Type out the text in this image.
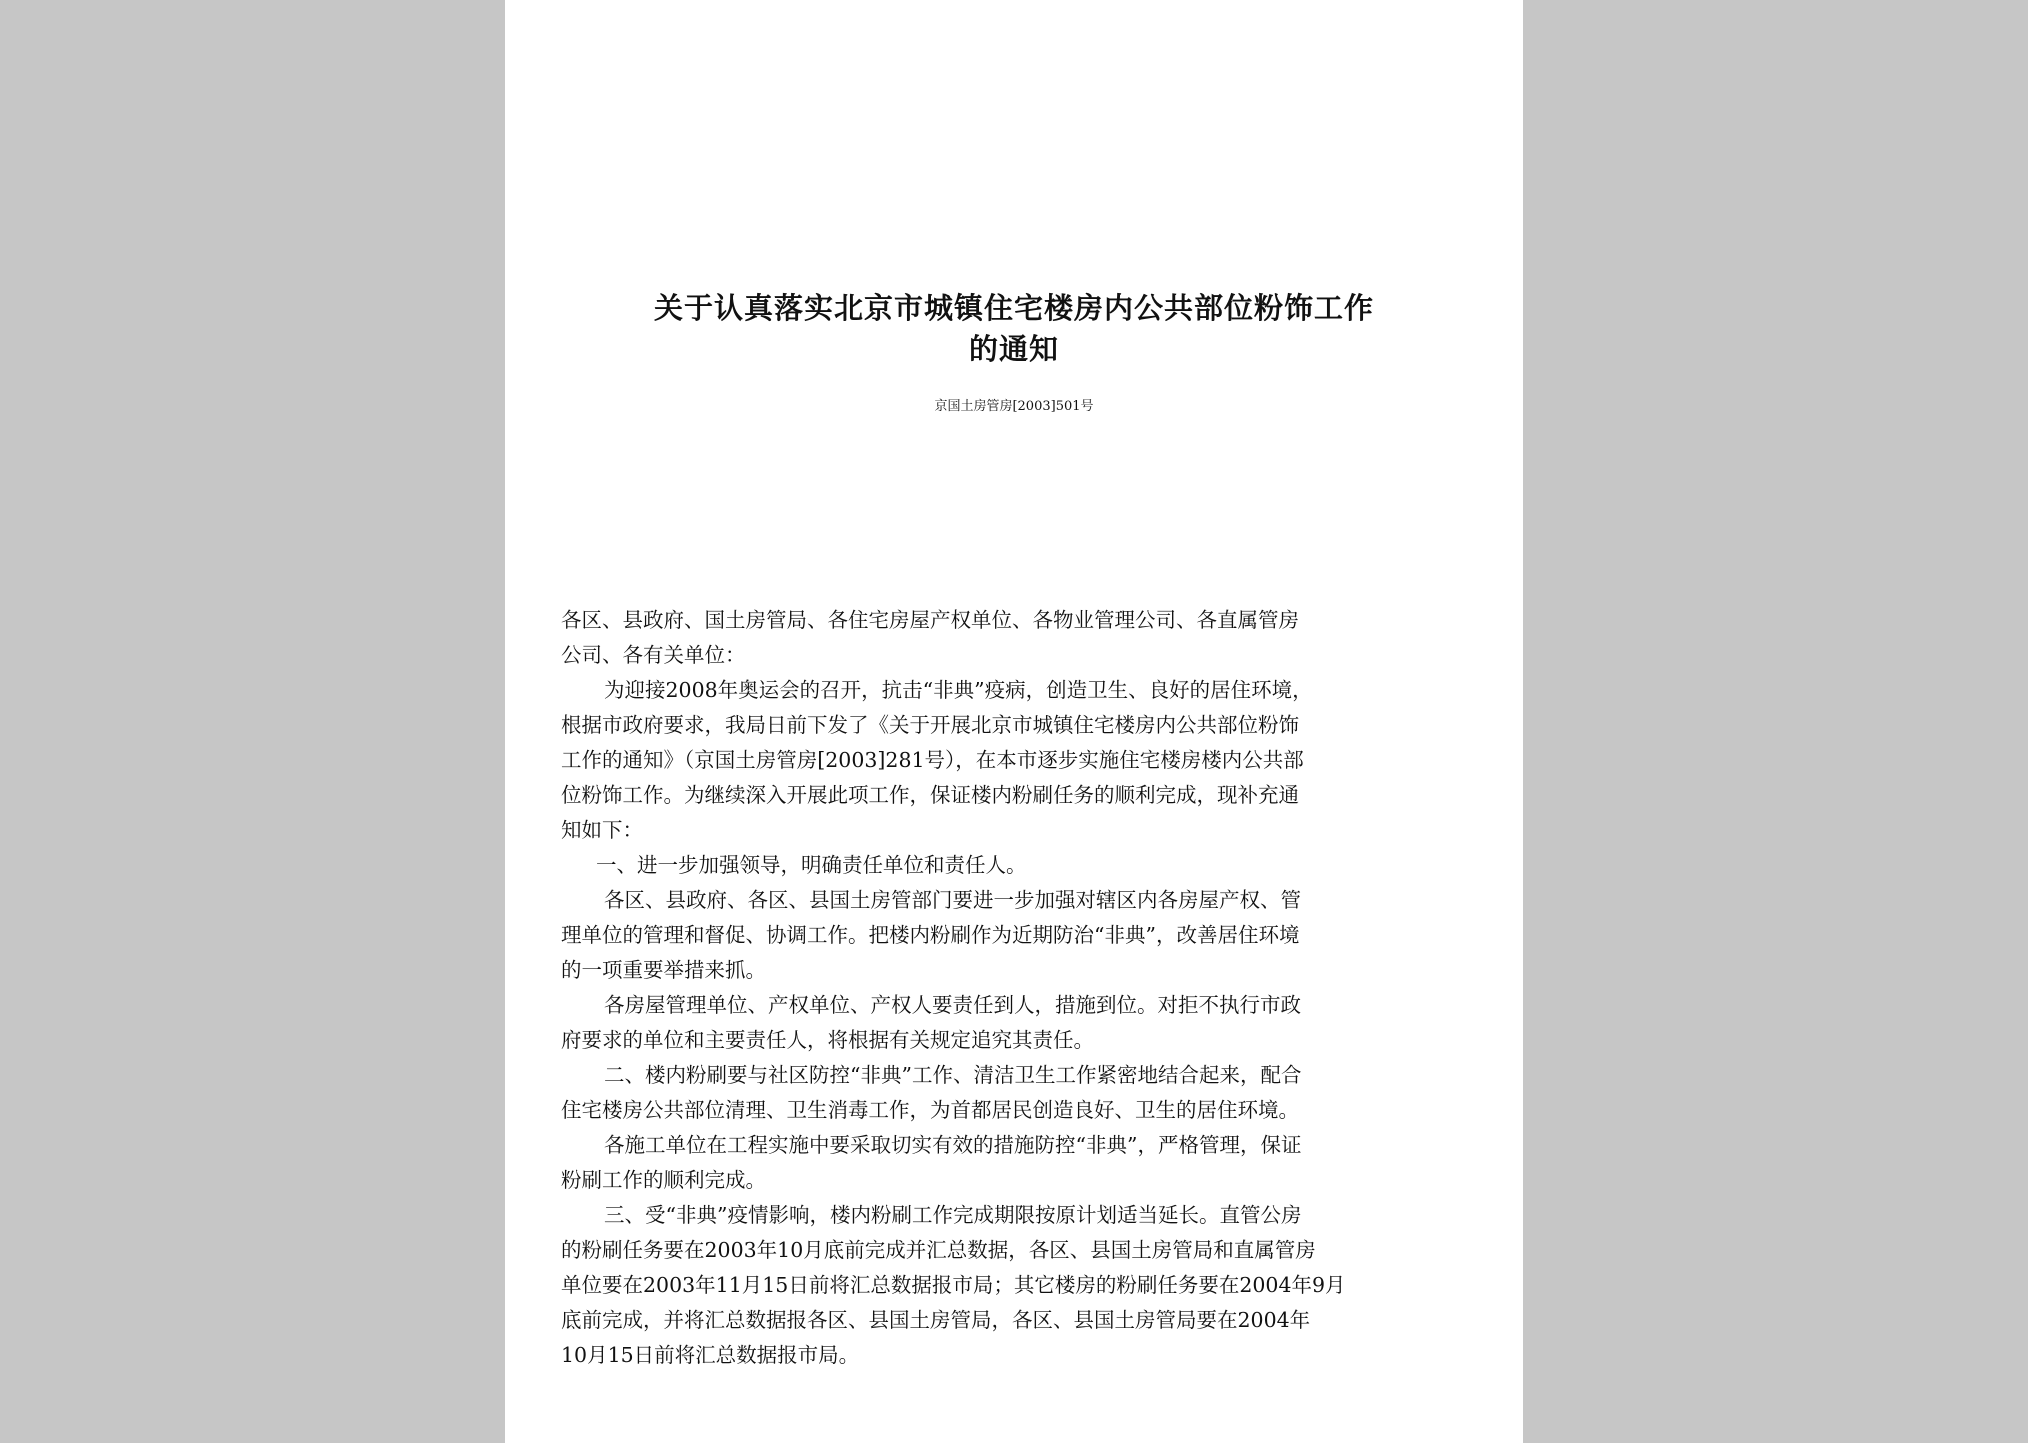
关于认真落实北京市城镇住宅楼房内公共部位粉饰工作
的通知

京国土房管房[2003]501号

各区、县政府、国土房管局、各住宅房屋产权单位、各物业管理公司、各直属管房

公司、各有关单位：

为迎接2008年奥运会的召开，抗击“非典”疫病，创造卫生、良好的居住环境，

根据市政府要求，我局日前下发了《关于开展北京市城镇住宅楼房内公共部位粉饰

工作的通知》（京国土房管房[2003]281号），在本市逐步实施住宅楼房楼内公共部

位粉饰工作。为继续深入开展此项工作，保证楼内粉刷任务的顺利完成，现补充通

知如下：

一、进一步加强领导，明确责任单位和责任人。

各区、县政府、各区、县国土房管部门要进一步加强对辖区内各房屋产权、管

理单位的管理和督促、协调工作。把楼内粉刷作为近期防治“非典”，改善居住环境

的一项重要举措来抓。

各房屋管理单位、产权单位、产权人要责任到人，措施到位。对拒不执行市政

府要求的单位和主要责任人，将根据有关规定追究其责任。

二、楼内粉刷要与社区防控“非典”工作、清洁卫生工作紧密地结合起来，配合

住宅楼房公共部位清理、卫生消毒工作，为首都居民创造良好、卫生的居住环境。

各施工单位在工程实施中要采取切实有效的措施防控“非典”，严格管理，保证

粉刷工作的顺利完成。

三、受“非典”疫情影响，楼内粉刷工作完成期限按原计划适当延长。直管公房

的粉刷任务要在2003年10月底前完成并汇总数据，各区、县国土房管局和直属管房

单位要在2003年11月15日前将汇总数据报市局；其它楼房的粉刷任务要在2004年9月

底前完成，并将汇总数据报各区、县国土房管局，各区、县国土房管局要在2004年

10月15日前将汇总数据报市局。
